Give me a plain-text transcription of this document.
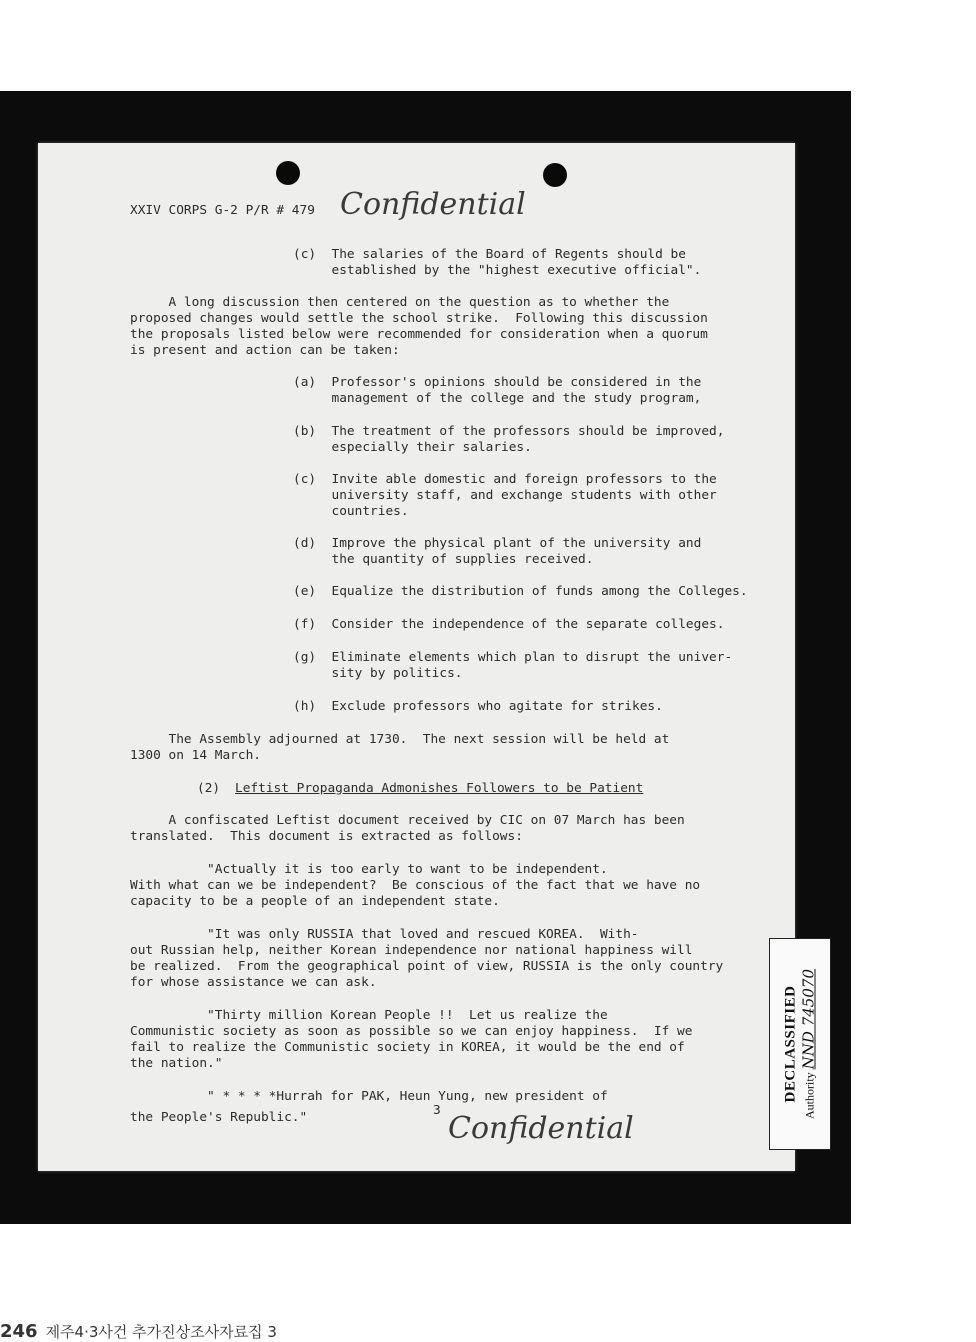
XXIV CORPS G-2 P/R # 479 Confidential
(c)  The salaries of the Board of Regents should be
established by the "highest executive official".
A long discussion then centered on the question as to whether the
proposed changes would settle the school strike.  Following this discussion
the proposals listed below were recommended for consideration when a quorum
is present and action can be taken:
(a)  Professor's opinions should be considered in the
management of the college and the study program,
(b)  The treatment of the professors should be improved,
especially their salaries.
(c)  Invite able domestic and foreign professors to the
university staff, and exchange students with other
countries.
(d)  Improve the physical plant of the university and
the quantity of supplies received.
(e)  Equalize the distribution of funds among the Colleges.
(f)  Consider the independence of the separate colleges.
(g)  Eliminate elements which plan to disrupt the univer-
sity by politics.
(h)  Exclude professors who agitate for strikes.
The Assembly adjourned at 1730.  The next session will be held at
1300 on 14 March.
(2) Leftist Propaganda Admonishes Followers to be Patient
A confiscated Leftist document received by CIC on 07 March has been
translated.  This document is extracted as follows:
"Actually it is too early to want to be independent.
With what can we be independent?  Be conscious of the fact that we have no
capacity to be a people of an independent state.
"It was only RUSSIA that loved and rescued KOREA.  With-
out Russian help, neither Korean independence nor national happiness will
be realized.  From the geographical point of view, RUSSIA is the only country
for whose assistance we can ask.
"Thirty million Korean People !!  Let us realize the
Communistic society as soon as possible so we can enjoy happiness.  If we
fail to realize the Communistic society in KOREA, it would be the end of
the nation."
" * * * *Hurrah for PAK, Heun Yung, new president of
the People's Republic."	3
Confidential
DECLASSIFIED Authority NND 745070
246 제주4·3사건 추가진상조사자료집 3
